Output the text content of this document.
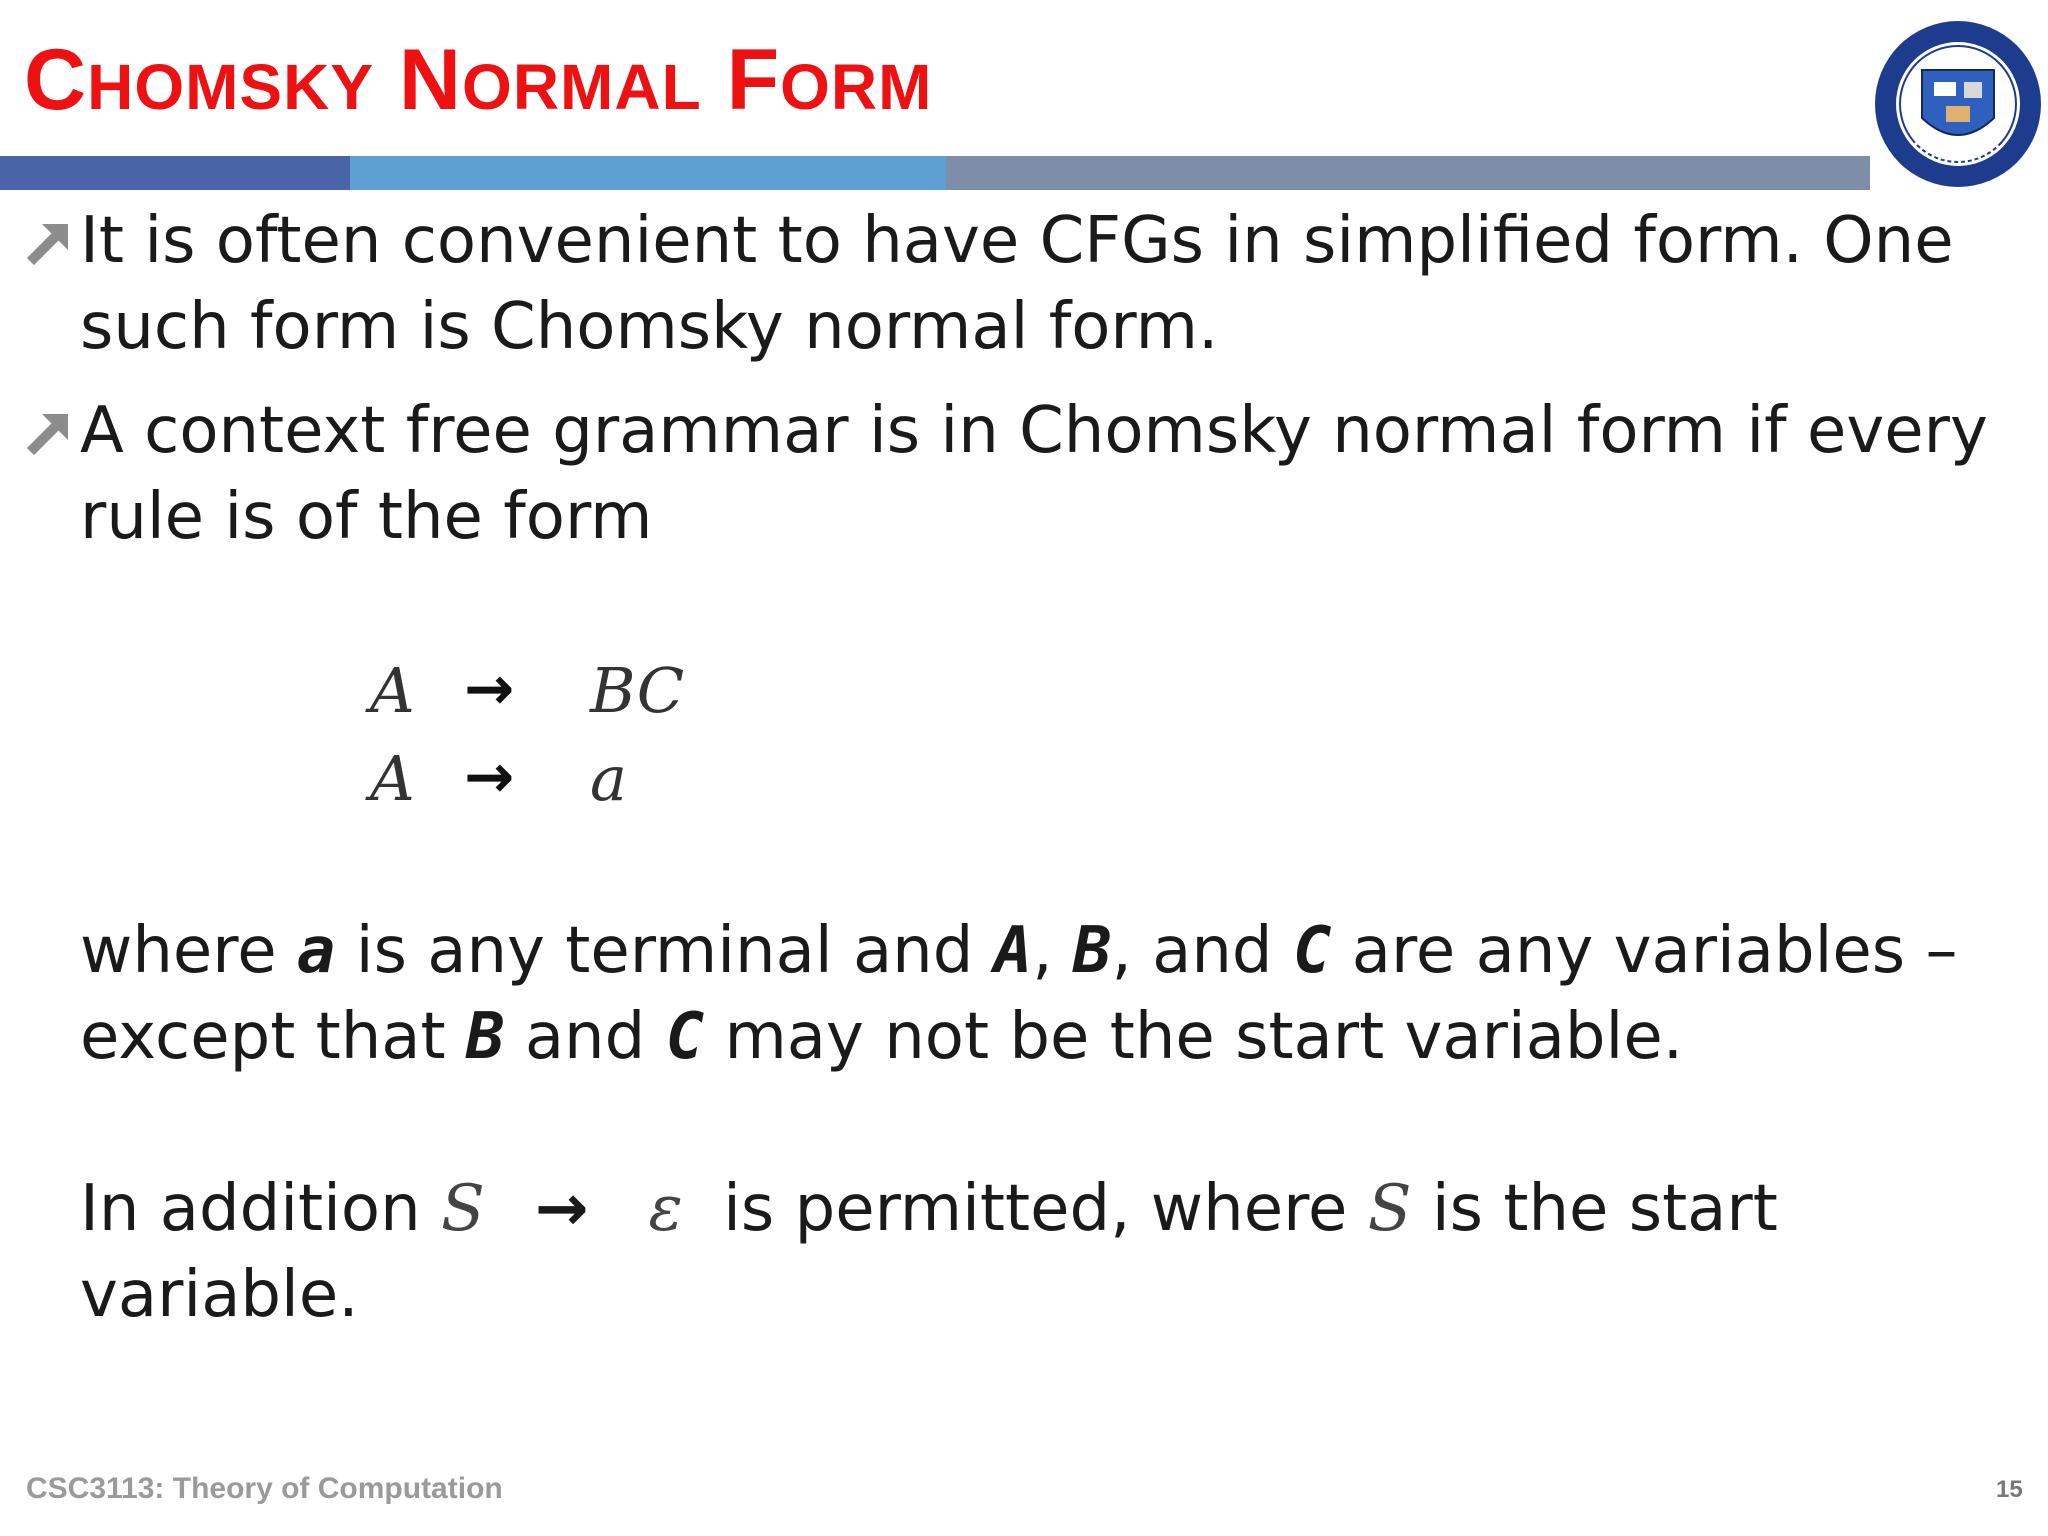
CHOMSKY NORMAL FORM
It is often convenient to have CFGs in simplified form. One such form is Chomsky normal form.
A context free grammar is in Chomsky normal form if every rule is of the form
A → BC
A → a
where a is any terminal and A, B, and C are any variables – except that B and C may not be the start variable.
In addition S → ε is permitted, where S is the start variable.
CSC3113: Theory of Computation	15
